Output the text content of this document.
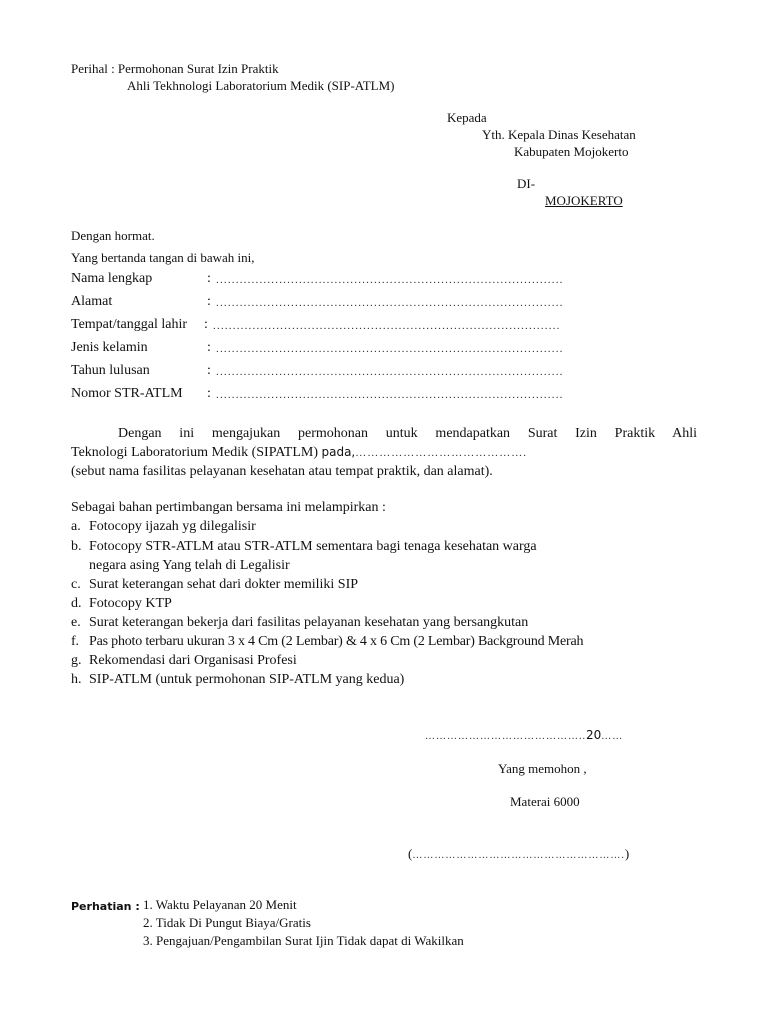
Perihal : Permohonan Surat Izin Praktik
Ahli Tekhnologi Laboratorium Medik (SIP-ATLM)
Kepada
Yth. Kepala Dinas Kesehatan
Kabupaten Mojokerto
DI-
MOJOKERTO
Dengan hormat.
Yang bertanda tangan di bawah ini,
Nama lengkap	: ........................................................................................
Alamat	: ........................................................................................
Tempat/tanggal lahir : ........................................................................................
Jenis kelamin	: ........................................................................................
Tahun lulusan	: ........................................................................................
Nomor STR-ATLM : ........................................................................................
Dengan ini mengajukan permohonan untuk mendapatkan Surat Izin Praktik Ahli
Teknologi Laboratorium Medik (SIPATLM) pada,…………………………………….
(sebut nama fasilitas pelayanan kesehatan atau tempat praktik, dan alamat).
Sebagai bahan pertimbangan bersama ini melampirkan :
a. Fotocopy ijazah yg dilegalisir
b. Fotocopy STR-ATLM atau STR-ATLM sementara bagi tenaga kesehatan warga
negara asing Yang telah di Legalisir
c. Surat keterangan sehat dari dokter memiliki SIP
d. Fotocopy KTP
e. Surat keterangan bekerja dari fasilitas pelayanan kesehatan yang bersangkutan
f. Pas photo terbaru ukuran 3 x 4 Cm (2 Lembar) & 4 x 6 Cm (2 Lembar) Background Merah
g. Rekomendasi dari Organisasi Profesi
h. SIP-ATLM (untuk permohonan SIP-ATLM yang kedua)
……………………………………..20……
Yang memohon ,
Materai 6000
(………………………………………………….)
Perhatian : 1. Waktu Pelayanan 20 Menit
2. Tidak Di Pungut Biaya/Gratis
3. Pengajuan/Pengambilan Surat Ijin Tidak dapat di Wakilkan
